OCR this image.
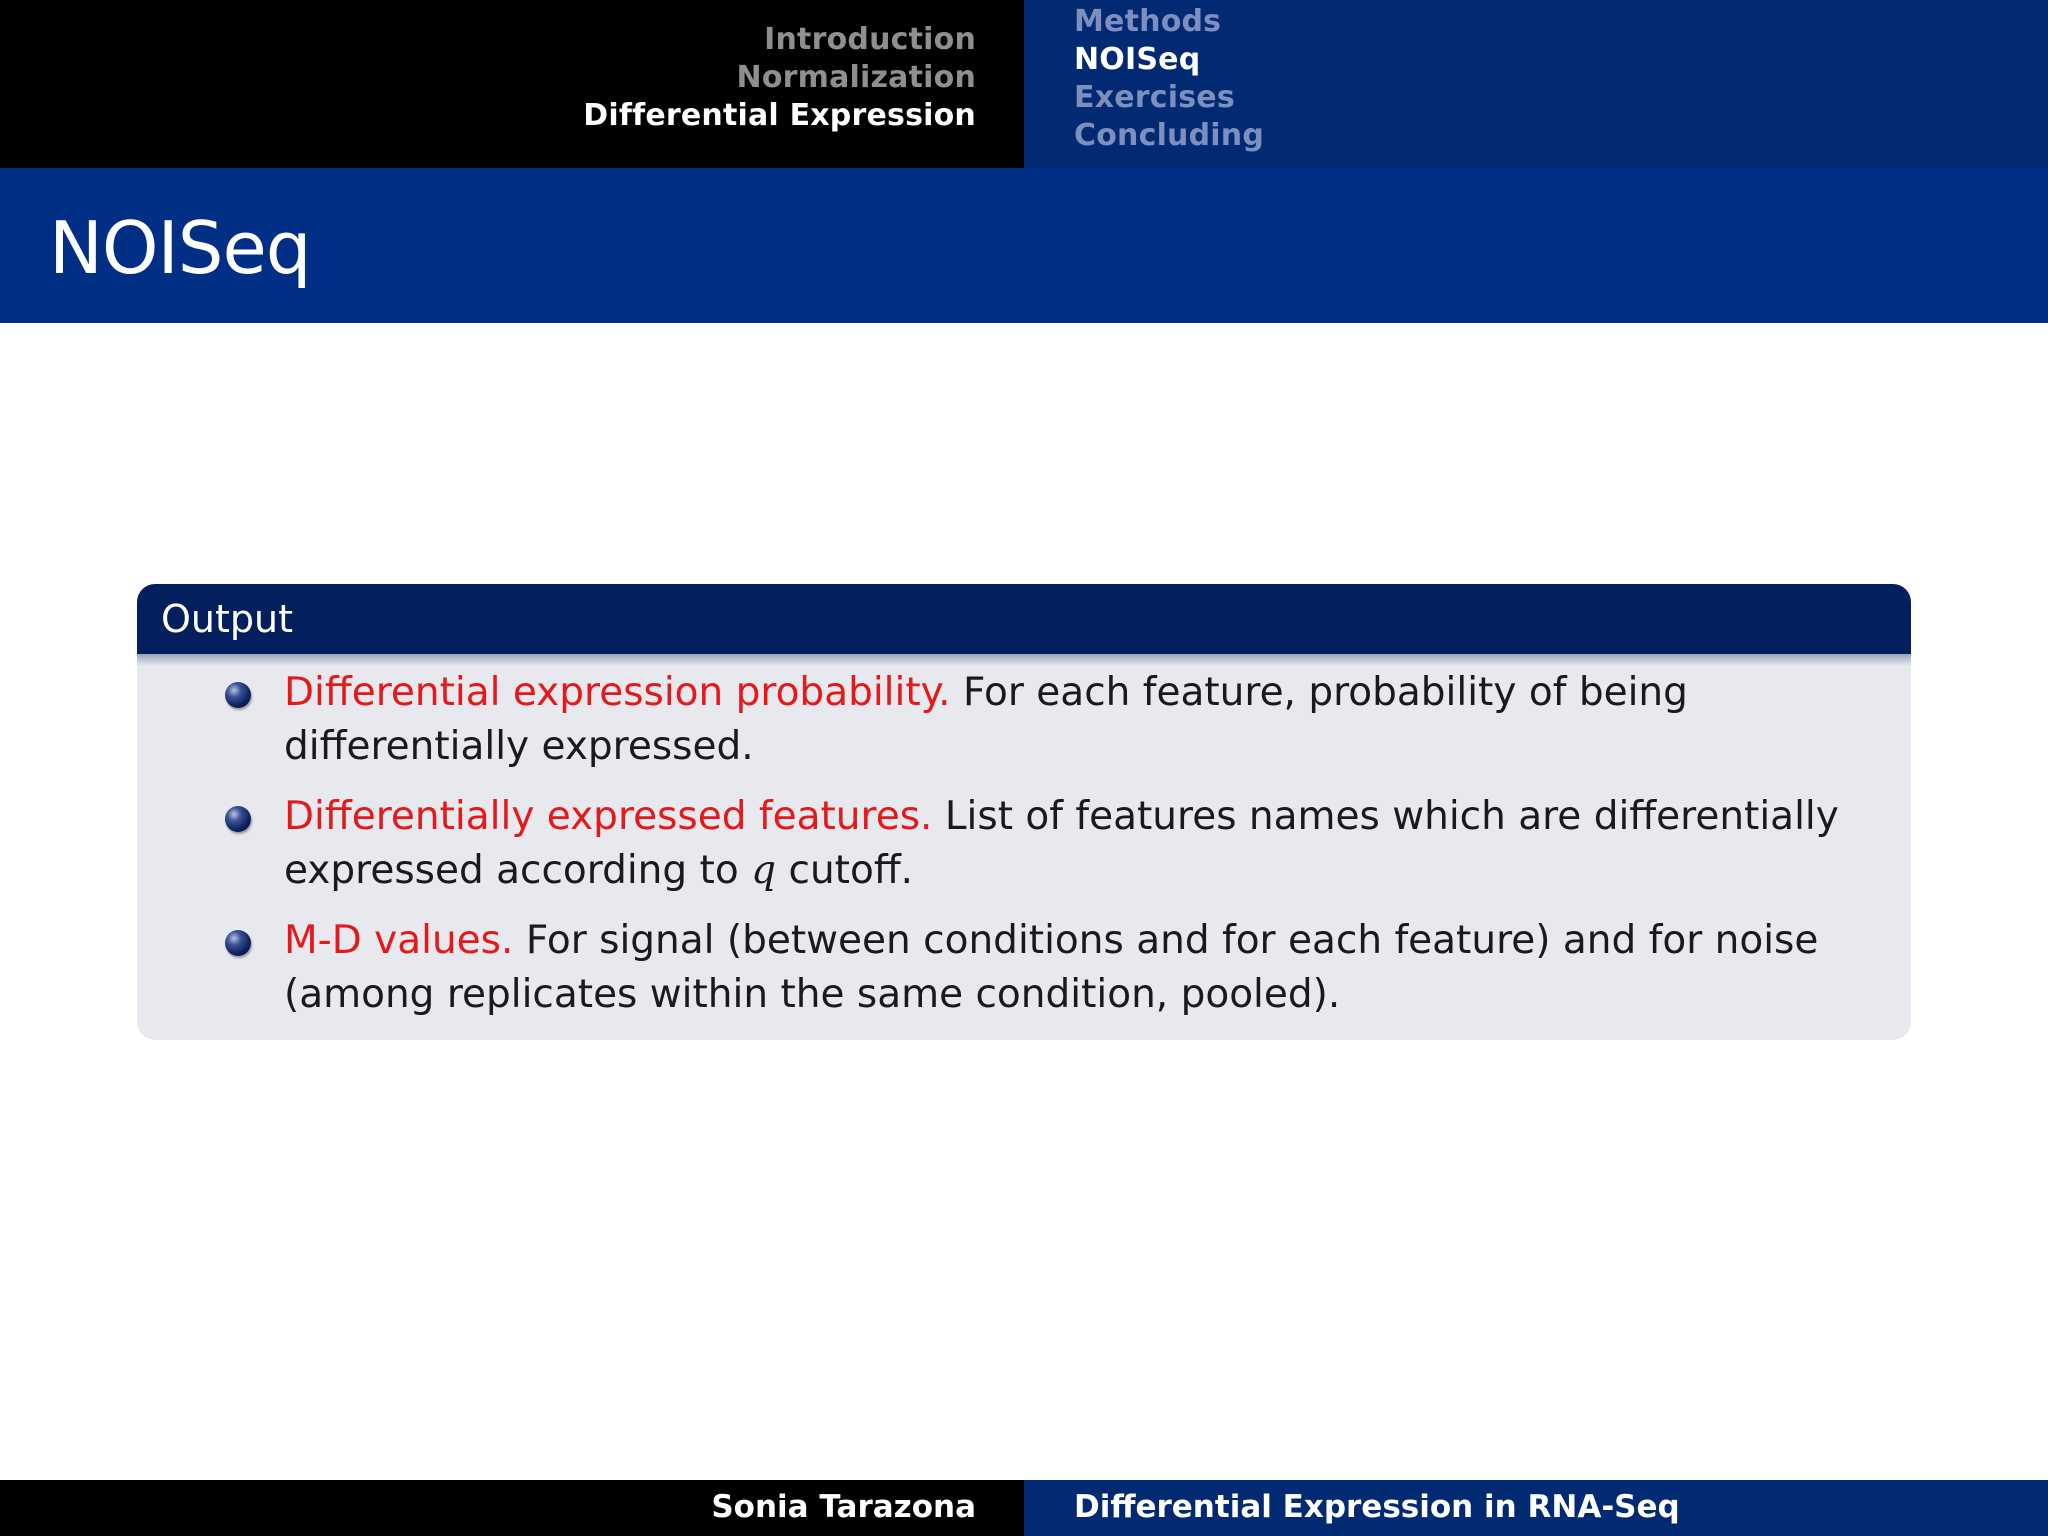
Introduction
Normalization
Differential Expression
Methods
NOISeq
Exercises
Concluding
NOISeq
Output
Differential expression probability. For each feature, probability of being differentially expressed.
Differentially expressed features. List of features names which are differentially expressed according to q cutoff.
M-D values. For signal (between conditions and for each feature) and for noise (among replicates within the same condition, pooled).
Sonia Tarazona	Differential Expression in RNA-Seq
